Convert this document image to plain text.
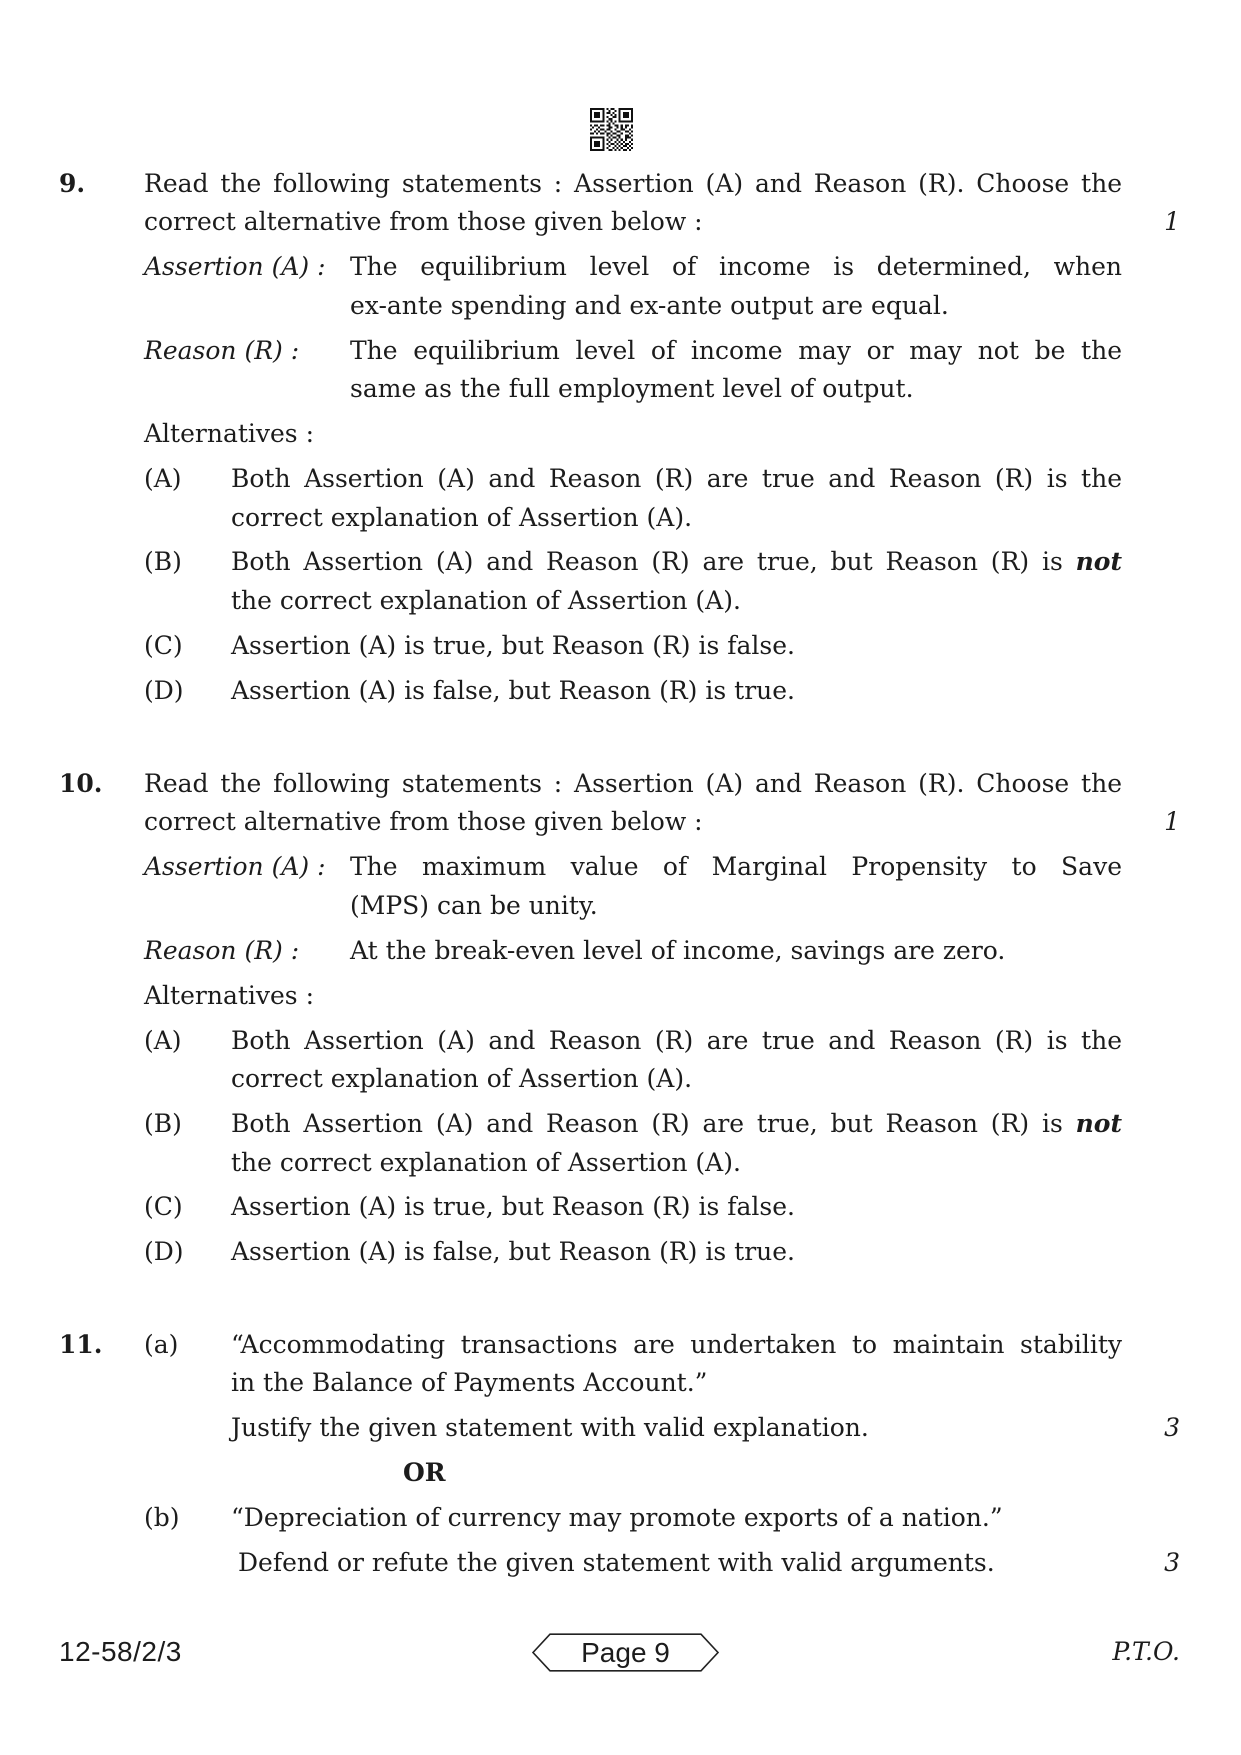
9. Read the following statements : Assertion (A) and Reason (R). Choose the
correct alternative from those given below :	1
Assertion (A) : The equilibrium level of income is determined, when
ex-ante spending and ex-ante output are equal.
Reason (R) :	The equilibrium level of income may or may not be the
same as the full employment level of output.
Alternatives :
(A)	Both Assertion (A) and Reason (R) are true and Reason (R) is the
correct explanation of Assertion (A).
(B)	Both Assertion (A) and Reason (R) are true, but Reason (R) is not
the correct explanation of Assertion (A).
(C)	Assertion (A) is true, but Reason (R) is false.
(D)	Assertion (A) is false, but Reason (R) is true.
10. Read the following statements : Assertion (A) and Reason (R). Choose the
correct alternative from those given below :	1
Assertion (A) : The maximum value of Marginal Propensity to Save
(MPS) can be unity.
Reason (R) :	At the break-even level of income, savings are zero.
Alternatives :
(A)	Both Assertion (A) and Reason (R) are true and Reason (R) is the
correct explanation of Assertion (A).
(B)	Both Assertion (A) and Reason (R) are true, but Reason (R) is not
the correct explanation of Assertion (A).
(C)	Assertion (A) is true, but Reason (R) is false.
(D)	Assertion (A) is false, but Reason (R) is true.
11. (a)	“Accommodating transactions are undertaken to maintain stability
in the Balance of Payments Account.”
Justify the given statement with valid explanation.	3
OR
(b)	“Depreciation of currency may promote exports of a nation.”
Defend or refute the given statement with valid arguments.	3
12-58/2/3	Page 9	P.T.O.
